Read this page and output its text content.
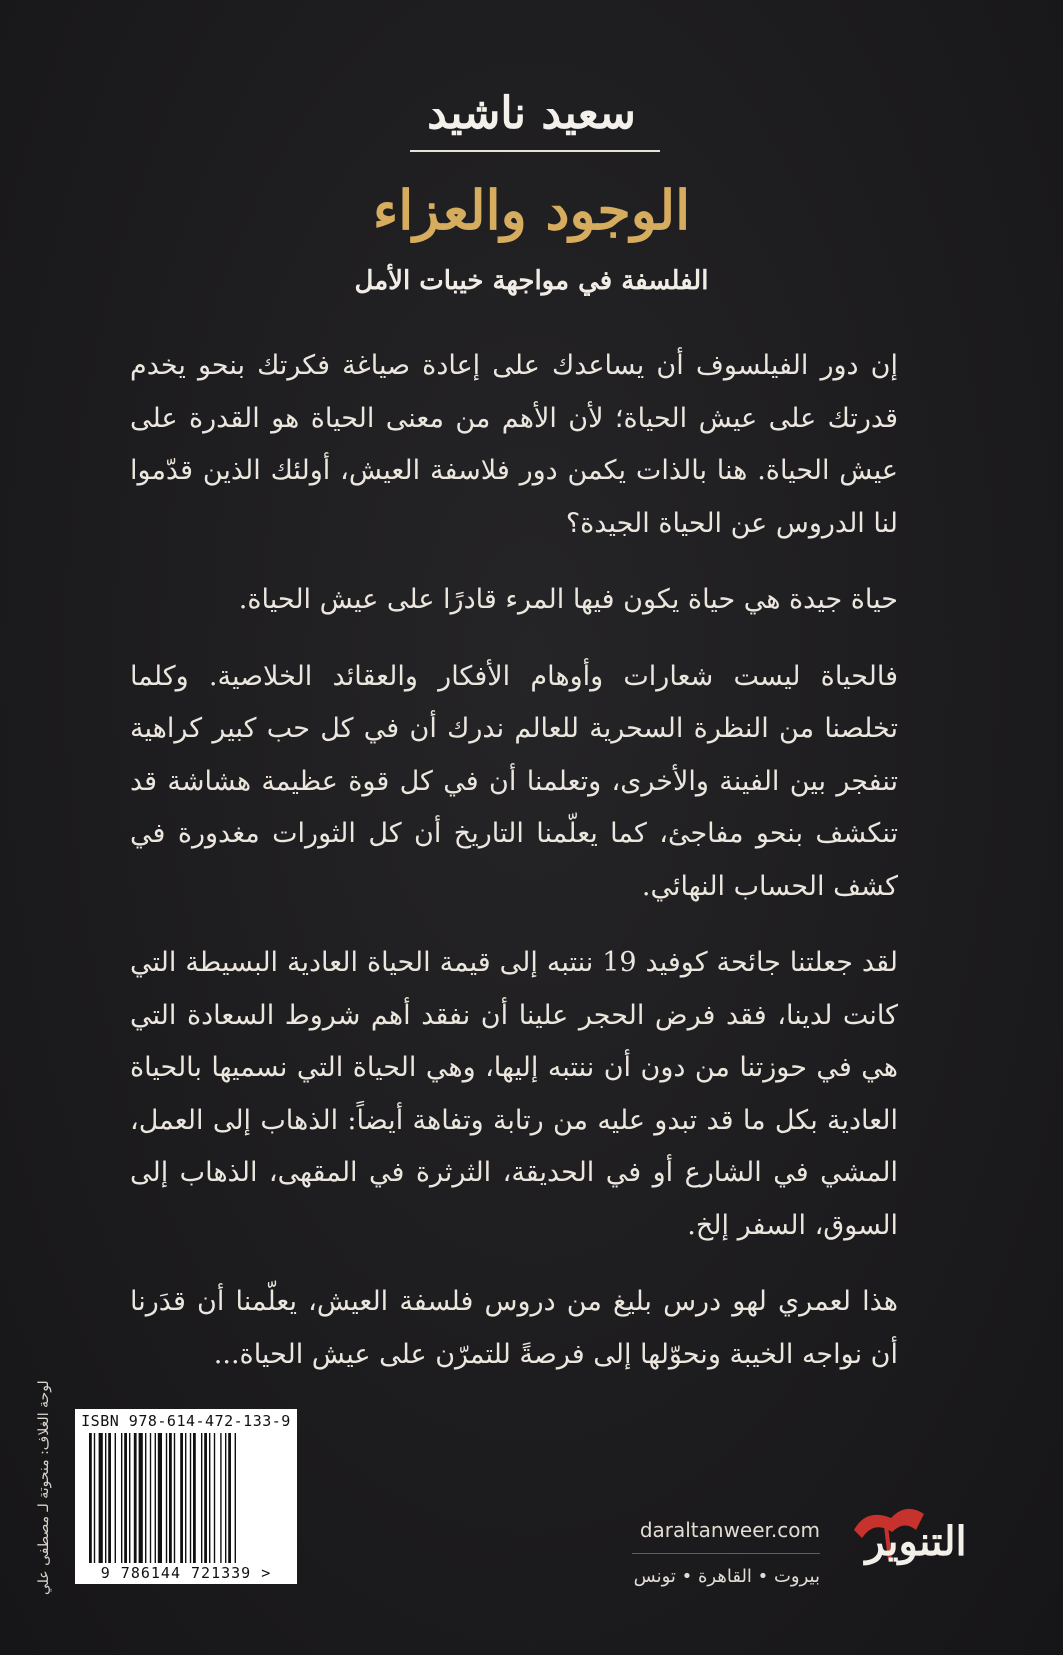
سعيد ناشيد
الوجود والعزاء
الفلسفة في مواجهة خيبات الأمل

إن دور الفيلسوف أن يساعدك على إعادة صياغة فكرتك بنحو يخدم قدرتك على عيش الحياة؛ لأن الأهم من معنى الحياة هو القدرة على عيش الحياة. هنا بالذات يكمن دور فلاسفة العيش، أولئك الذين قدّموا لنا الدروس عن الحياة الجيدة؟

حياة جيدة هي حياة يكون فيها المرء قادرًا على عيش الحياة.

فالحياة ليست شعارات وأوهام الأفكار والعقائد الخلاصية. وكلما تخلصنا من النظرة السحرية للعالم ندرك أن في كل حب كبير كراهية تنفجر بين الفينة والأخرى، وتعلمنا أن في كل قوة عظيمة هشاشة قد تنكشف بنحو مفاجئ، كما يعلّمنا التاريخ أن كل الثورات مغدورة في كشف الحساب النهائي.

لقد جعلتنا جائحة كوفيد 19 ننتبه إلى قيمة الحياة العادية البسيطة التي كانت لدينا، فقد فرض الحجر علينا أن نفقد أهم شروط السعادة التي هي في حوزتنا من دون أن ننتبه إليها، وهي الحياة التي نسميها بالحياة العادية بكل ما قد تبدو عليه من رتابة وتفاهة أيضاً: الذهاب إلى العمل، المشي في الشارع أو في الحديقة، الثرثرة في المقهى، الذهاب إلى السوق، السفر إلخ.

هذا لعمري لهو درس بليغ من دروس فلسفة العيش، يعلّمنا أن قدَرنا أن نواجه الخيبة ونحوّلها إلى فرصةً للتمرّن على عيش الحياة...

لوحة الغلاف: منحوتة لـ مصطفى علي	ISBN 978-614-472-133-9
9 786144 721339 >
daraltanweer.com
بيروت • القاهرة • تونس
التنوير
